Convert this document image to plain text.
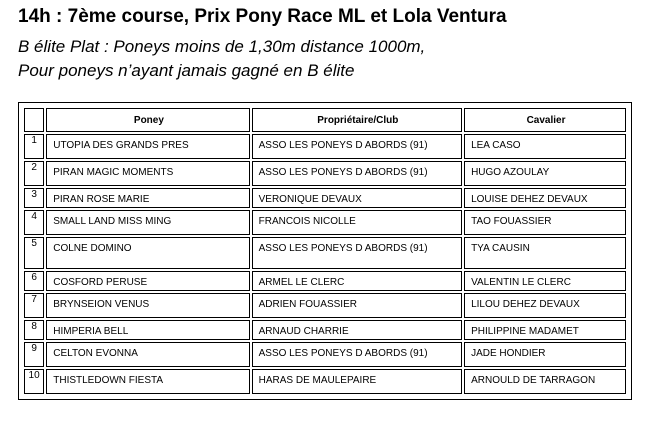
14h : 7ème course, Prix Pony Race ML et Lola Ventura
B élite Plat : Poneys moins de 1,30m distance 1000m,
Pour poneys n’ayant jamais gagné en B élite
	Poney	Propriétaire/Club	Cavalier
1	UTOPIA DES GRANDS PRES	ASSO LES PONEYS D ABORDS (91)	LEA CASO
2	PIRAN MAGIC MOMENTS	ASSO LES PONEYS D ABORDS (91)	HUGO AZOULAY
3	PIRAN ROSE MARIE	VERONIQUE DEVAUX	LOUISE DEHEZ DEVAUX
4	SMALL LAND MISS MING	FRANCOIS NICOLLE	TAO FOUASSIER
5	COLNE DOMINO	ASSO LES PONEYS D ABORDS (91)	TYA CAUSIN
6	COSFORD PERUSE	ARMEL LE CLERC	VALENTIN LE CLERC
7	BRYNSEION VENUS	ADRIEN FOUASSIER	LILOU DEHEZ DEVAUX
8	HIMPERIA BELL	ARNAUD CHARRIE	PHILIPPINE MADAMET
9	CELTON EVONNA	ASSO LES PONEYS D ABORDS (91)	JADE HONDIER
10	THISTLEDOWN FIESTA	HARAS DE MAULEPAIRE	ARNOULD DE TARRAGON
